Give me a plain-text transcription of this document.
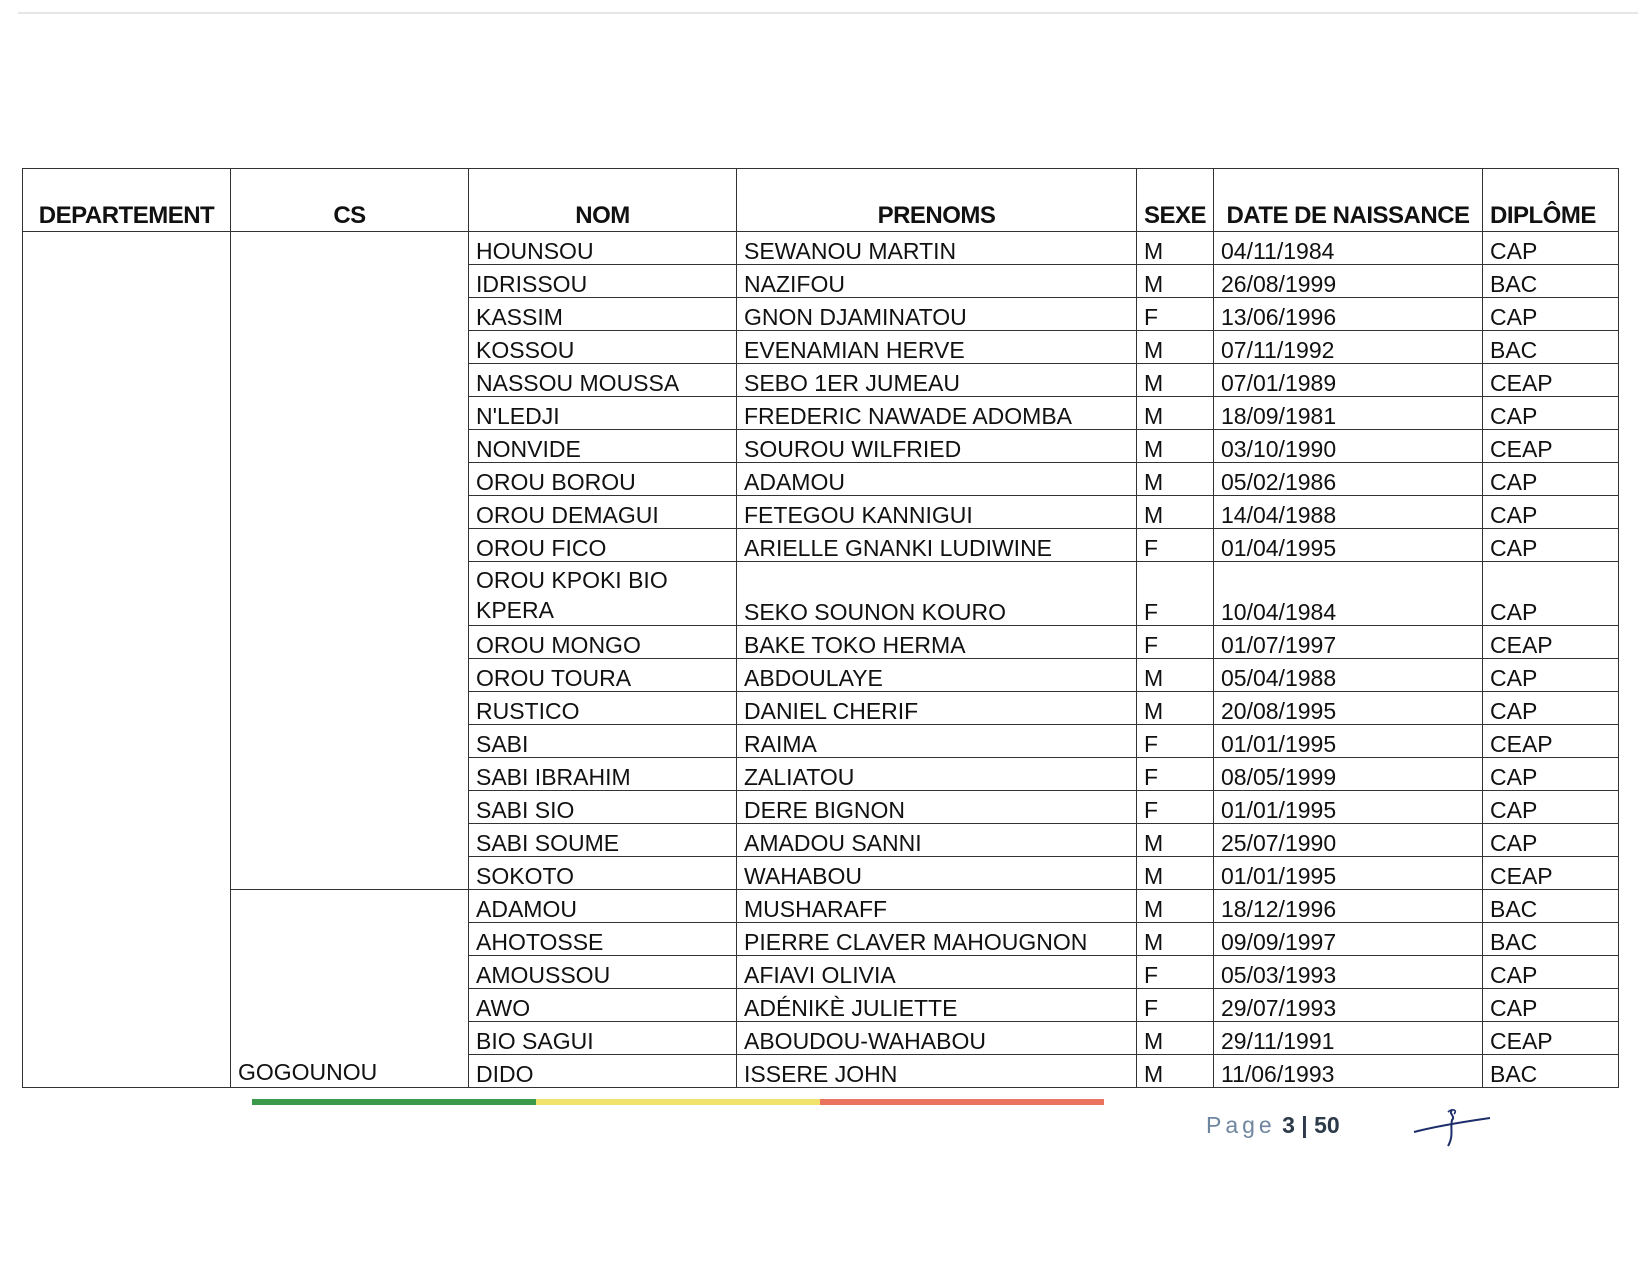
DEPARTEMENT	CS	NOM	PRENOMS	SEXE	DATE DE NAISSANCE	DIPLÔME
		HOUNSOU	SEWANOU MARTIN	M	04/11/1984	CAP
		IDRISSOU	NAZIFOU	M	26/08/1999	BAC
		KASSIM	GNON DJAMINATOU	F	13/06/1996	CAP
		KOSSOU	EVENAMIAN HERVE	M	07/11/1992	BAC
		NASSOU MOUSSA	SEBO 1ER JUMEAU	M	07/01/1989	CEAP
		N'LEDJI	FREDERIC NAWADE ADOMBA	M	18/09/1981	CAP
		NONVIDE	SOUROU WILFRIED	M	03/10/1990	CEAP
		OROU BOROU	ADAMOU	M	05/02/1986	CAP
		OROU DEMAGUI	FETEGOU KANNIGUI	M	14/04/1988	CAP
		OROU FICO	ARIELLE GNANKI LUDIWINE	F	01/04/1995	CAP
		OROU KPOKI BIO KPERA	SEKO SOUNON KOURO	F	10/04/1984	CAP
		OROU MONGO	BAKE TOKO HERMA	F	01/07/1997	CEAP
		OROU TOURA	ABDOULAYE	M	05/04/1988	CAP
		RUSTICO	DANIEL CHERIF	M	20/08/1995	CAP
		SABI	RAIMA	F	01/01/1995	CEAP
		SABI IBRAHIM	ZALIATOU	F	08/05/1999	CAP
		SABI SIO	DERE BIGNON	F	01/01/1995	CAP
		SABI SOUME	AMADOU SANNI	M	25/07/1990	CAP
		SOKOTO	WAHABOU	M	01/01/1995	CEAP
	GOGOUNOU	ADAMOU	MUSHARAFF	M	18/12/1996	BAC
		AHOTOSSE	PIERRE CLAVER MAHOUGNON	M	09/09/1997	BAC
		AMOUSSOU	AFIAVI OLIVIA	F	05/03/1993	CAP
		AWO	ADÉNIKÈ JULIETTE	F	29/07/1993	CAP
		BIO SAGUI	ABOUDOU-WAHABOU	M	29/11/1991	CEAP
		DIDO	ISSERE JOHN	M	11/06/1993	BAC
Page 3 | 50
